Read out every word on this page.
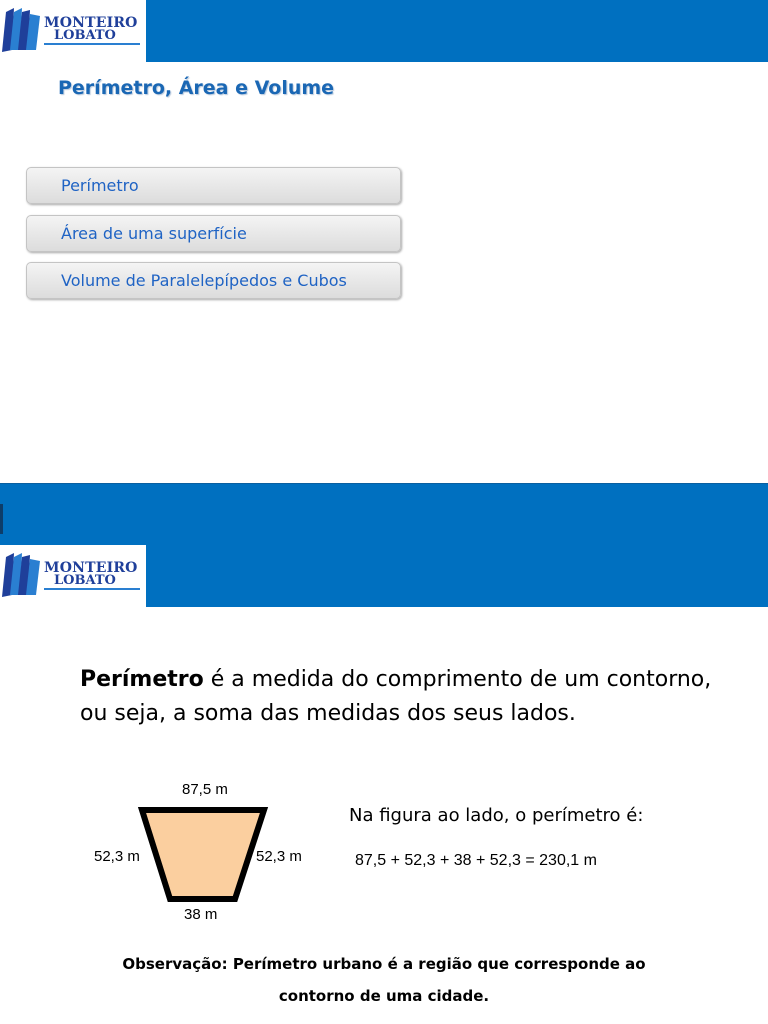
MONTEIRO
LOBATO
Perímetro, Área e Volume
Perímetro
Área de uma superfície
Volume de Paralelepípedos e Cubos
MONTEIRO
LOBATO
Perímetro é a medida do comprimento de um contorno, ou seja, a soma das medidas dos seus lados.
87,5 m
52,3 m	52,3 m
38 m
Na figura ao lado, o perímetro é:
87,5 + 52,3 + 38 + 52,3 = 230,1 m
Observação: Perímetro urbano é a região que corresponde ao
contorno de uma cidade.
